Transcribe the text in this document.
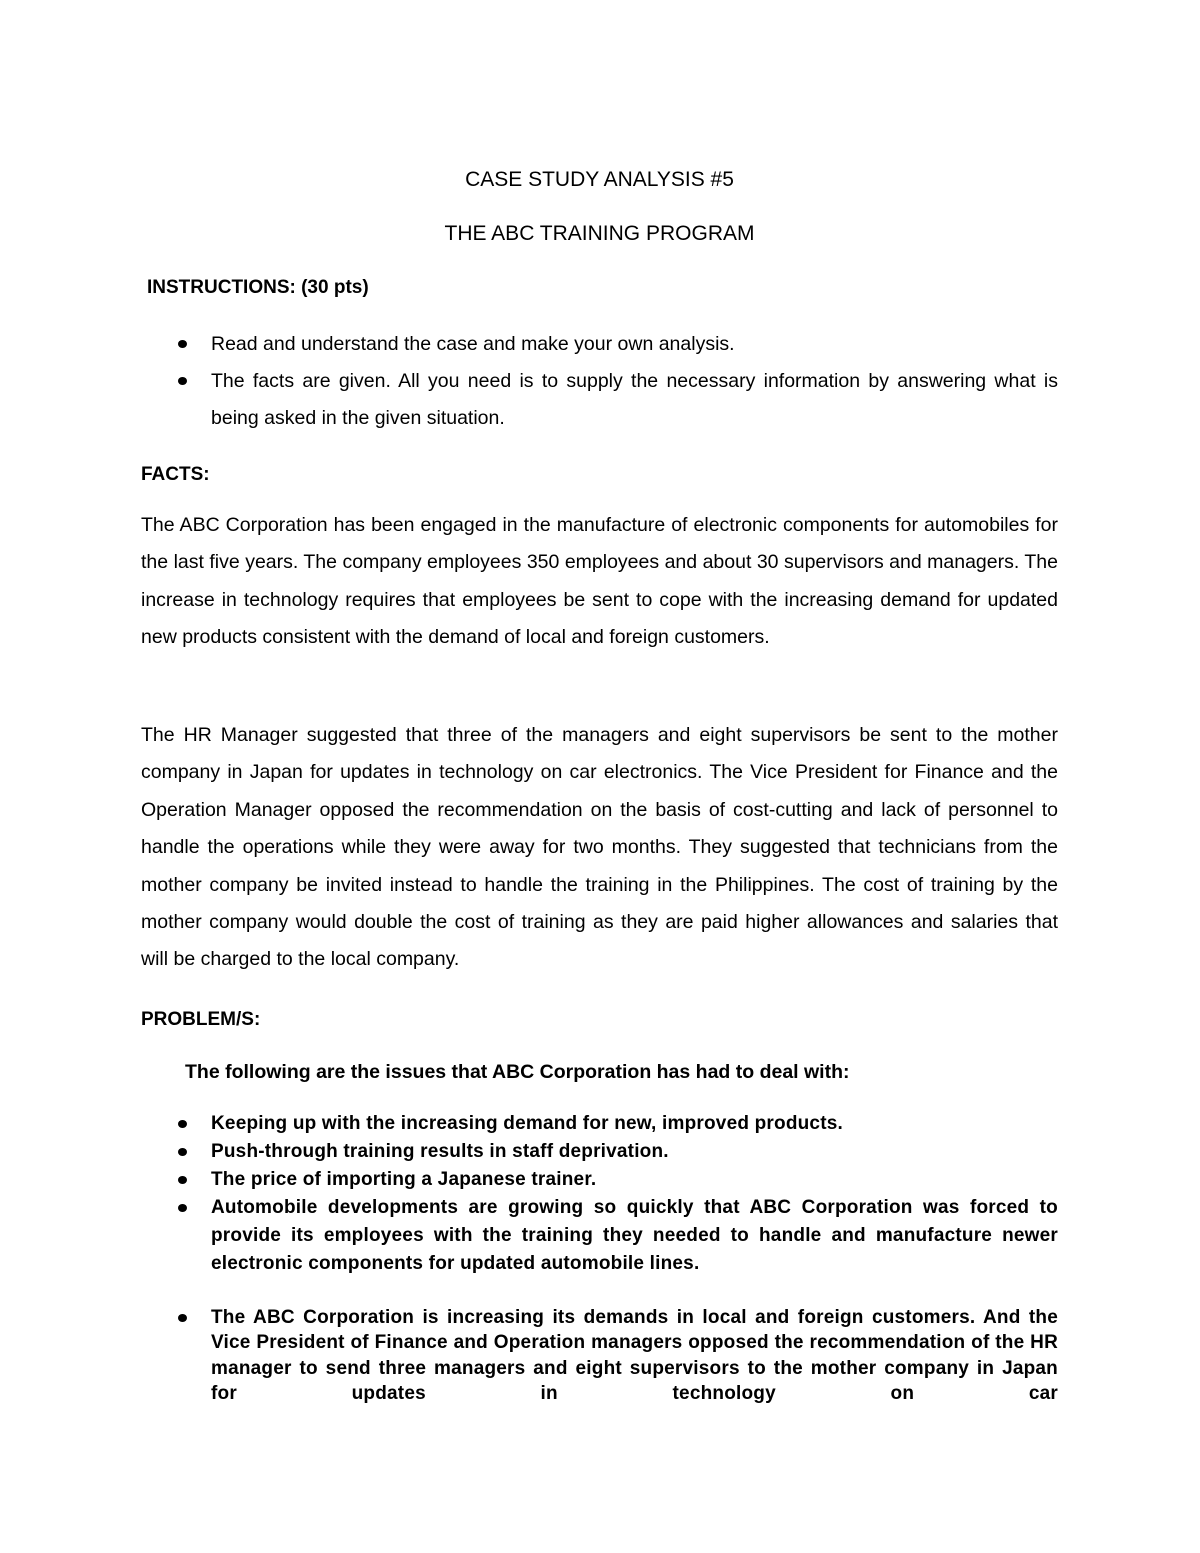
CASE STUDY ANALYSIS #5
THE ABC TRAINING PROGRAM

INSTRUCTIONS: (30 pts)

Read and understand the case and make your own analysis.
The facts are given. All you need is to supply the necessary information by answering what is being asked in the given situation.

FACTS:

The ABC Corporation has been engaged in the manufacture of electronic components for automobiles for the last five years. The company employees 350 employees and about 30 supervisors and managers. The increase in technology requires that employees be sent to cope with the increasing demand for updated new products consistent with the demand of local and foreign customers.

The HR Manager suggested that three of the managers and eight supervisors be sent to the mother company in Japan for updates in technology on car electronics. The Vice President for Finance and the Operation Manager opposed the recommendation on the basis of cost-cutting and lack of personnel to handle the operations while they were away for two months. They suggested that technicians from the mother company be invited instead to handle the training in the Philippines. The cost of training by the mother company would double the cost of training as they are paid higher allowances and salaries that will be charged to the local company.

PROBLEM/S:

The following are the issues that ABC Corporation has had to deal with:

Keeping up with the increasing demand for new, improved products.
Push-through training results in staff deprivation.
The price of importing a Japanese trainer.
Automobile developments are growing so quickly that ABC Corporation was forced to provide its employees with the training they needed to handle and manufacture newer electronic components for updated automobile lines.
The ABC Corporation is increasing its demands in local and foreign customers. And the Vice President of Finance and Operation managers opposed the recommendation of the HR manager to send three managers and eight supervisors to the mother company in Japan for updates in technology on car
